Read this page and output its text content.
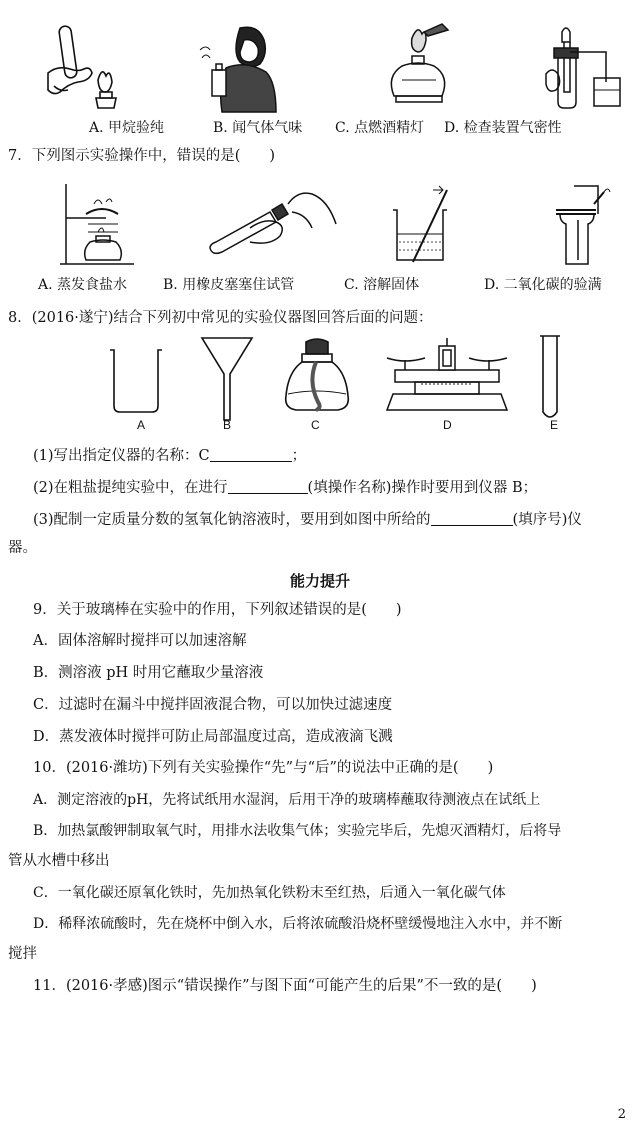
A. 甲烷验纯	B. 闻气体气味 C. 点燃酒精灯 D. 检查装置气密性
7．下列图示实验操作中，错误的是(　　)
A. 蒸发食盐水	B. 用橡皮塞塞住试管	C. 溶解固体	D. 二氧化碳的验满
8．(2016·遂宁)结合下列初中常见的实验仪器图回答后面的问题：
A	B	C	D	E
(1)写出指定仪器的名称：C	；
(2)在粗盐提纯实验中，在进行	(填操作名称)操作时要用到仪器 B；
(3)配制一定质量分数的氢氧化钠溶液时，要用到如图中所给的	(填序号)仪
器。
能力提升
9．关于玻璃棒在实验中的作用，下列叙述错误的是(　　)
A．固体溶解时搅拌可以加速溶解
B．测溶液 pH 时用它蘸取少量溶液
C．过滤时在漏斗中搅拌固液混合物，可以加快过滤速度
D．蒸发液体时搅拌可防止局部温度过高，造成液滴飞溅
10．(2016·潍坊)下列有关实验操作“先”与“后”的说法中正确的是(　　)
A．测定溶液的pH，先将试纸用水湿润，后用干净的玻璃棒蘸取待测液点在试纸上
B．加热氯酸钾制取氧气时，用排水法收集气体；实验完毕后，先熄灭酒精灯，后将导
管从水槽中移出
C．一氧化碳还原氧化铁时，先加热氧化铁粉末至红热，后通入一氧化碳气体
D．稀释浓硫酸时，先在烧杯中倒入水，后将浓硫酸沿烧杯壁缓慢地注入水中，并不断
搅拌
11．(2016·孝感)图示“错误操作”与图下面“可能产生的后果”不一致的是(　　)
2
